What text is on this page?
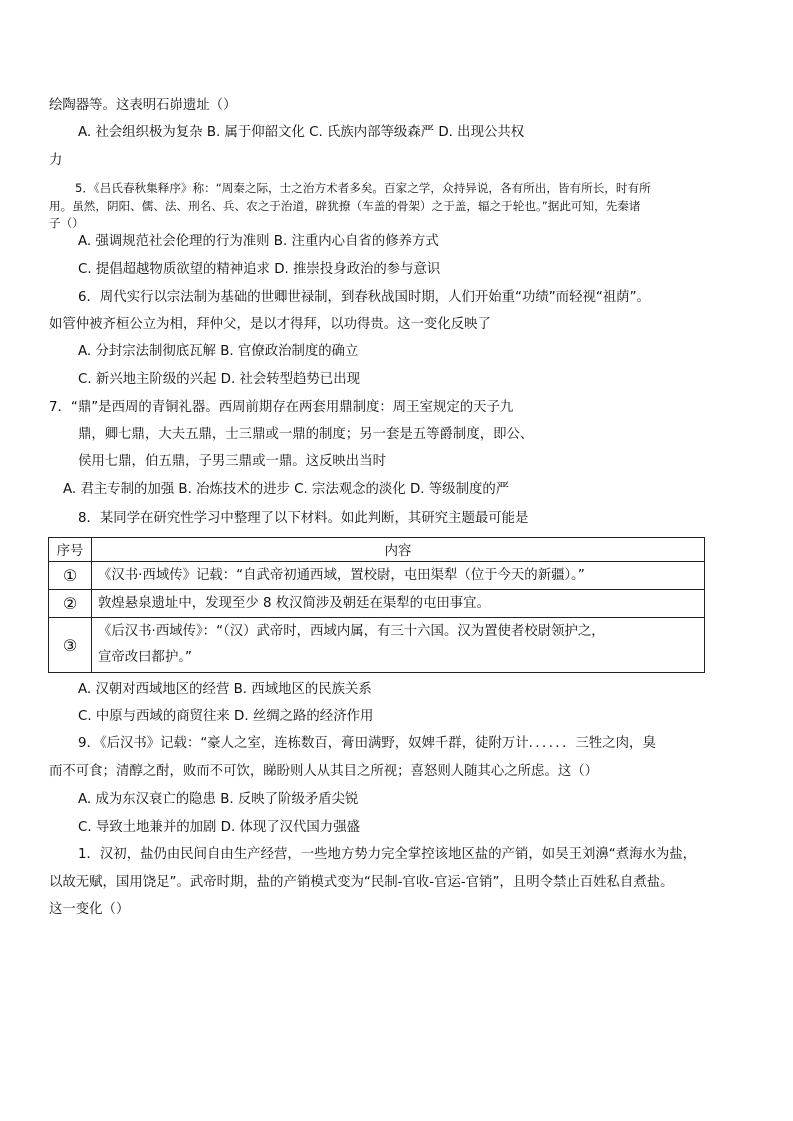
绘陶器等。这表明石峁遗址（）
A. 社会组织极为复杂 B. 属于仰韶文化 C. 氏族内部等级森严 D. 出现公共权
力
5．《吕氏春秋集释序》称：“周秦之际，士之治方术者多矣。百家之学，众持异说，各有所出，皆有所长，时有所
用。虽然，阴阳、儒、法、刑名、兵、农之于治道，辟犹撩（车盖的骨架）之于盖，辐之于轮也。”据此可知，先秦诸
子（）
A. 强调规范社会伦理的行为准则 B. 注重内心自省的修养方式
C. 提倡超越物质欲望的精神追求 D. 推崇投身政治的参与意识
6．周代实行以宗法制为基础的世卿世禄制，到春秋战国时期，人们开始重“功绩”而轻视“祖荫”。
如管仲被齐桓公立为相，拜仲父，是以才得拜，以功得贵。这一变化反映了
A. 分封宗法制彻底瓦解 B. 官僚政治制度的确立
C. 新兴地主阶级的兴起 D. 社会转型趋势已出现
7．“鼎”是西周的青铜礼器。西周前期存在两套用鼎制度：周王室规定的天子九
鼎，卿七鼎，大夫五鼎，士三鼎或一鼎的制度；另一套是五等爵制度，即公、
侯用七鼎，伯五鼎，子男三鼎或一鼎。这反映出当时
A. 君主专制的加强 B. 冶炼技术的进步 C. 宗法观念的淡化 D. 等级制度的严
8．某同学在研究性学习中整理了以下材料。如此判断，其研究主题最可能是
序号	内容
①	《汉书·西域传》记载：“自武帝初通西域，置校尉，屯田渠犁（位于今天的新疆）。”

②	敦煌悬泉遗址中，发现至少 8 枚汉简涉及朝廷在渠犁的屯田事宜。

③	《后汉书·西域传》：“（汉）武帝时，西域内属，有三十六国。汉为置使者校尉领护之，
宣帝改曰都护。”
A. 汉朝对西域地区的经营 B. 西域地区的民族关系
C. 中原与西域的商贸往来 D. 丝绸之路的经济作用
9．《后汉书》记载：“豪人之室，连栋数百，膏田满野，奴婢千群，徒附万计．．．．．．三牲之肉，臭
而不可食；清醇之酎，败而不可饮，睇盼则人从其目之所视；喜怒则人随其心之所虑。这（）
A. 成为东汉衰亡的隐患 B. 反映了阶级矛盾尖锐
C. 导致土地兼并的加剧 D. 体现了汉代国力强盛
1．汉初，盐仍由民间自由生产经营，一些地方势力完全掌控该地区盐的产销，如吴王刘濞“煮海水为盐，
以故无赋，国用饶足”。武帝时期，盐的产销模式变为“民制-官收-官运-官销”，且明令禁止百姓私自煮盐。
这一变化（）
